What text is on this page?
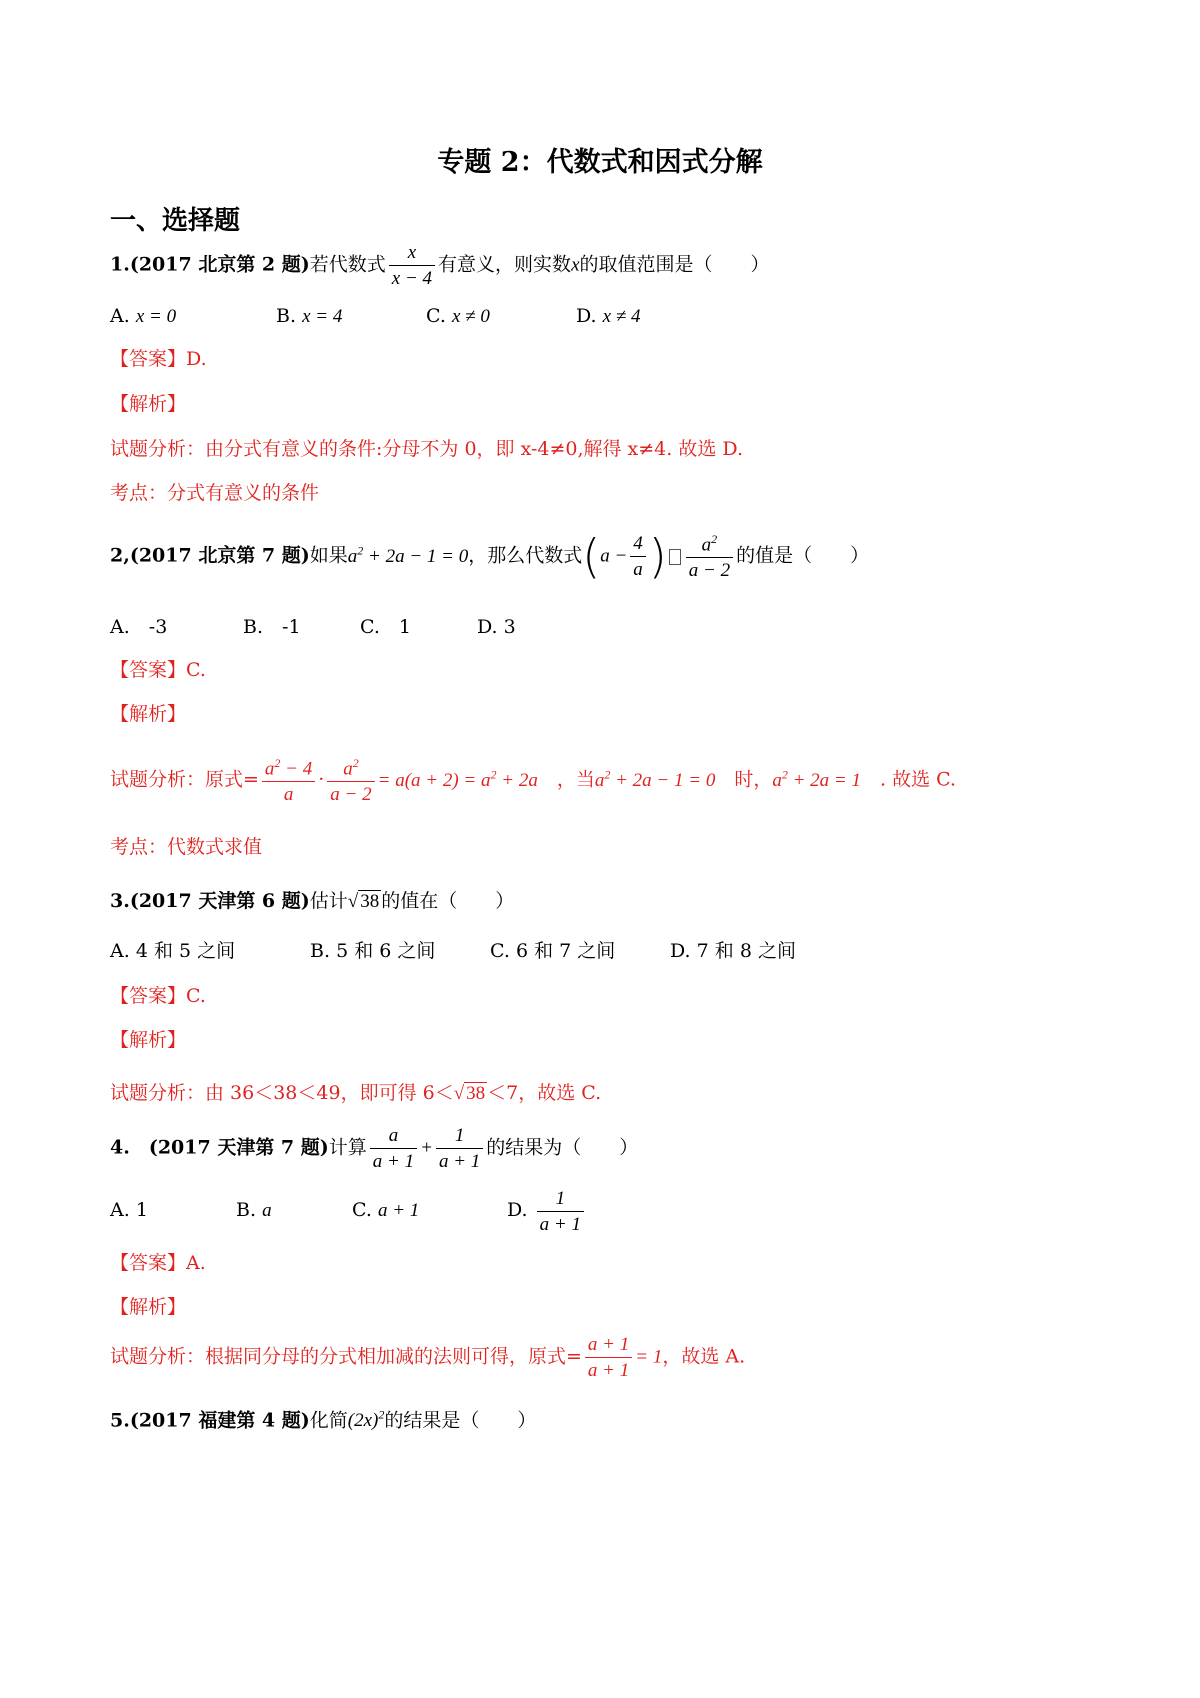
专题 2：代数式和因式分解
一、选择题
1.(2017 北京第 2 题)若代数式 $\frac{x}{x - 4}$ 有意义，则实数x的取值范围是（　　）
A. x = 0	B. x = 4	C. x ≠ 0	D. x ≠ 4
【答案】D.
【解析】
试题分析：由分式有意义的条件:分母不为 0，即 x-4≠0,解得 x≠4. 故选 D.
考点：分式有意义的条件
2,(2017 北京第 7 题)如果$a^2 + 2a - 1 = 0$，那么代数式($a - \frac{4}{a}$ ) $\frac{a^2}{a - 2}$ 的值是（　　）
A.　 -3	B.　 -1	C.　 1	D. 3
【答案】C.
【解析】
试题分析：原式= $\frac{a^2 - 4}{a} \cdot \frac{a^2}{a - 2} = a(a + 2) = a^2 + 2a$　 ，当$a^2 + 2a - 1 = 0$　 时，$a^2 + 2a = 1$　 . 故选 C.
考点：代数式求值
3.(2017 天津第 6 题)估计√ 38 的值在（　　）
A. 4 和 5 之间	B. 5 和 6 之间	C. 6 和 7 之间	D. 7 和 8 之间
【答案】C.
【解析】
试题分析：由 36＜38＜49，即可得 6＜√ 38 ＜7，故选 C.
4.　(2017 天津第 7 题)计算 $\frac{a}{a + 1} + \frac{1}{a + 1}$ 的结果为（　　）
A. 1	B. a	C. a + 1	D. $\frac{1}{a + 1}$
【答案】A.
【解析】
试题分析：根据同分母的分式相加减的法则可得，原式= $\frac{a + 1}{a + 1} = 1$，故选 A.
5.(2017 福建第 4 题)化简$(2x)^2$的结果是（　　）
